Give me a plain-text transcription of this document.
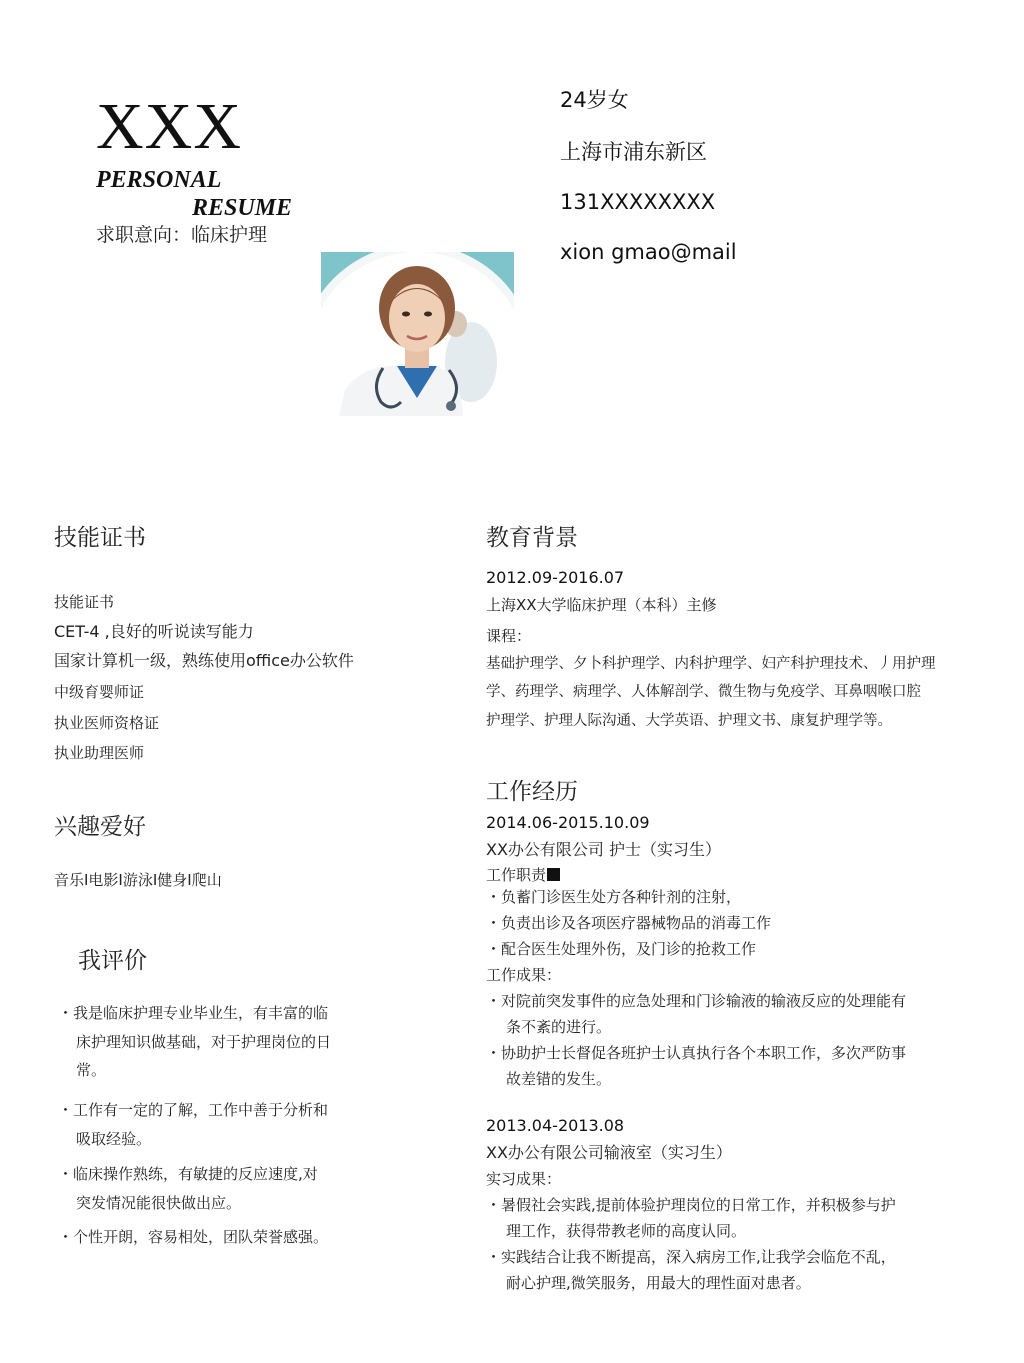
XXX
PERSONAL
RESUME
求职意向：临床护理
24岁女
上海市浦东新区
131XXXXXXXX
xion gmao@mail
技能证书
技能证书
CET-4 ,良好的听说读写能力
国家计算机一级，熟练使用office办公软件
中级育婴师证
执业医师资格证
执业助理医师
兴趣爱好
音乐I电影I游泳I健身I爬山
我评价
・我是临床护理专业毕业生，有丰富的临
床护理知识做基础，对于护理岗位的日
常。
・工作有一定的了解，工作中善于分析和
吸取经验。
・临床操作熟练，有敏捷的反应速度,对
突发情况能很快做出应。
・个性开朗，容易相处，团队荣誉感强。
教育背景
2012.09-2016.07
上海XX大学临床护理（本科）主修
课程：
基础护理学、夕卜科护理学、内科护理学、妇产科护理技术、丿用护理
学、药理学、病理学、人体解剖学、微生物与免疫学、耳鼻咽喉口腔
护理学、护理人际沟通、大学英语、护理文书、康复护理学等。
工作经历
2014.06-2015.10.09
XX办公有限公司 护士（实习生）
工作职责
・负蓄门诊医生处方各种针剂的注射，
・负责出诊及各项医疗器械物品的消毒工作
・配合医生处理外伤，及门诊的抢救工作
工作成果：
・对院前突发事件的应急处理和门诊输液的输液反应的处理能有
条不紊的进行。
・协助护士长督促各班护士认真执行各个本职工作，多次严防事
故差错的发生。
2013.04-2013.08
XX办公有限公司输液室（实习生）
实习成果：
・暑假社会实践,提前体验护理岗位的日常工作，并积极参与护
理工作，获得带教老师的高度认同。
・实践结合让我不断提高，深入病房工作,让我学会临危不乱，
耐心护理,微笑服务，用最大的理性面对患者。
